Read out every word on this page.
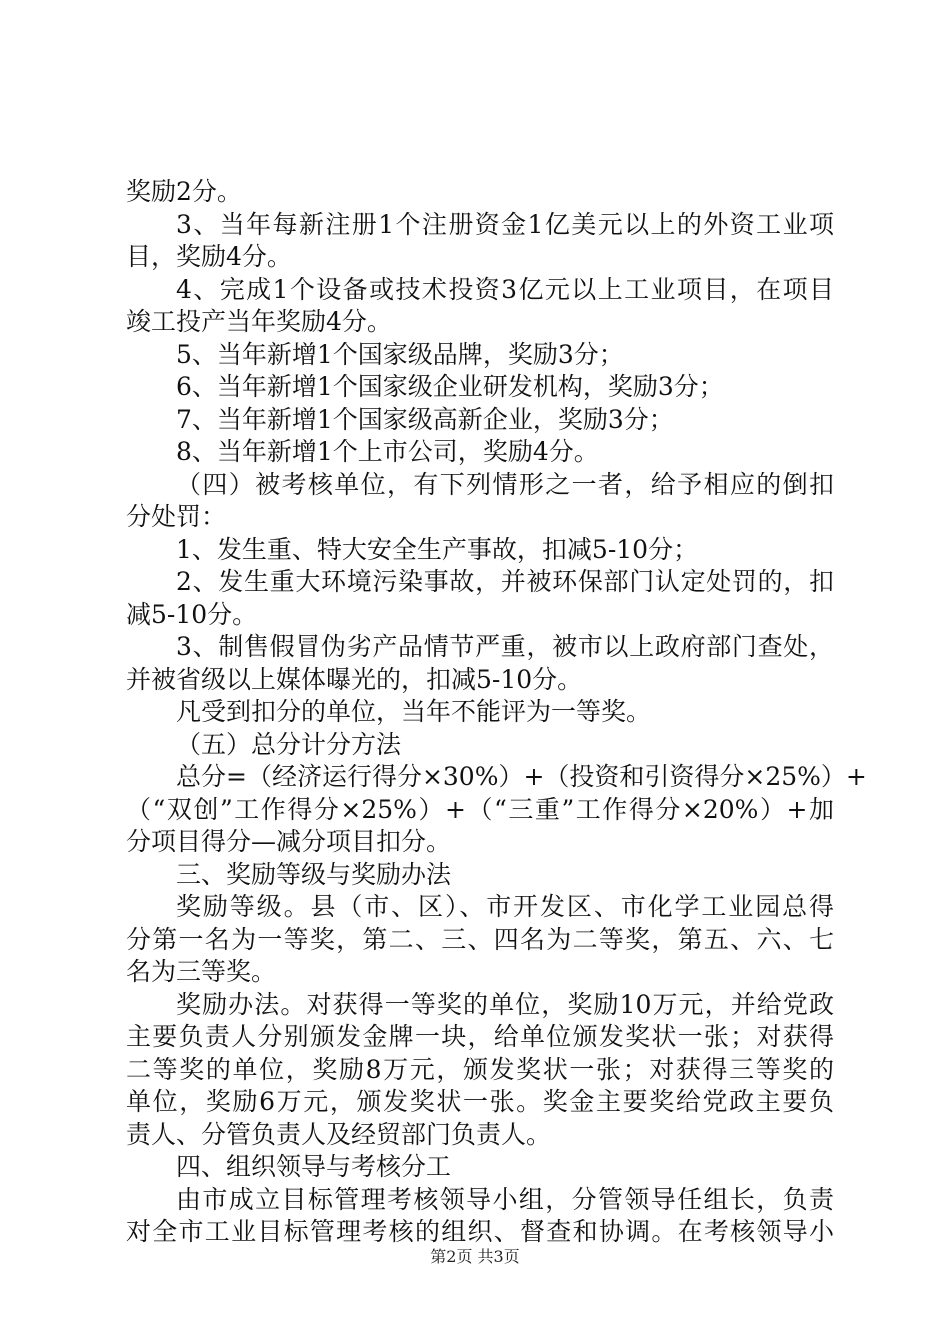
奖励2分。
3、当年每新注册1个注册资金1亿美元以上的外资工业项
目，奖励4分。
4、完成1个设备或技术投资3亿元以上工业项目，在项目
竣工投产当年奖励4分。
5、当年新增1个国家级品牌，奖励3分；
6、当年新增1个国家级企业研发机构，奖励3分；
7、当年新增1个国家级高新企业，奖励3分；
8、当年新增1个上市公司，奖励4分。
（四）被考核单位，有下列情形之一者，给予相应的倒扣
分处罚：
1、发生重、特大安全生产事故，扣减5-10分；
2、发生重大环境污染事故，并被环保部门认定处罚的，扣
减5-10分。
3、制售假冒伪劣产品情节严重，被市以上政府部门查处，
并被省级以上媒体曝光的，扣减5-10分。
凡受到扣分的单位，当年不能评为一等奖。
（五）总分计分方法
总分=（经济运行得分×30%）+（投资和引资得分×25%）+
（“双创”工作得分×25%）+（“三重”工作得分×20%）+加
分项目得分—减分项目扣分。
三、奖励等级与奖励办法
奖励等级。县（市、区）、市开发区、市化学工业园总得
分第一名为一等奖，第二、三、四名为二等奖，第五、六、七
名为三等奖。
奖励办法。对获得一等奖的单位，奖励10万元，并给党政
主要负责人分别颁发金牌一块，给单位颁发奖状一张；对获得
二等奖的单位，奖励8万元，颁发奖状一张；对获得三等奖的
单位，奖励6万元，颁发奖状一张。奖金主要奖给党政主要负
责人、分管负责人及经贸部门负责人。
四、组织领导与考核分工
由市成立目标管理考核领导小组，分管领导任组长，负责
对全市工业目标管理考核的组织、督查和协调。在考核领导小
第2页 共3页
